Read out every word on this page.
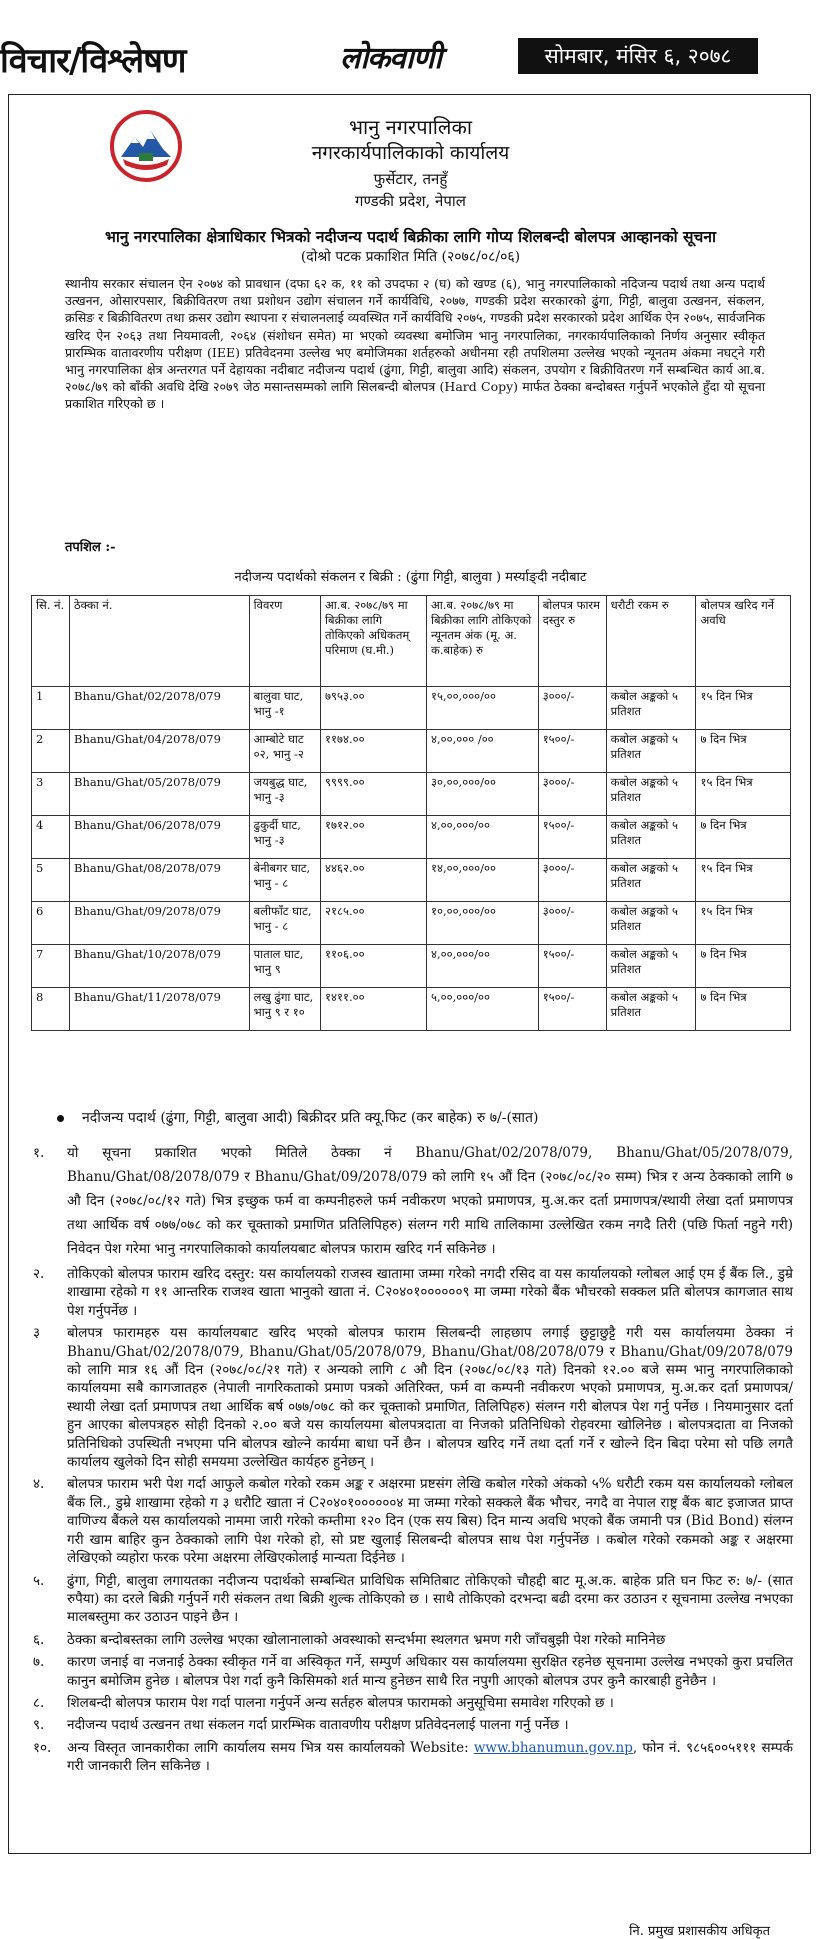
विचार/विश्लेषण	लोकवाणी	सोमबार, मंसिर ६, २०७८
भानु नगरपालिका
नगरकार्यपालिकाको कार्यालय
फुर्सेटार, तनहुँ
गण्डकी प्रदेश, नेपाल
भानु नगरपालिका क्षेत्राधिकार भित्रको नदीजन्य पदार्थ बिक्रीका लागि गोप्य शिलबन्दी बोलपत्र आव्हानको सूचना
(दोश्रो पटक प्रकाशित मिति (२०७८/०८/०६)
स्थानीय सरकार संचालन ऐन २०७४ को प्रावधान (दफा ६२ क, ११ को उपदफा २ (घ) को खण्ड (६), भानु नगरपालिकाको नदिजन्य पदार्थ तथा अन्य पदार्थ उत्खनन, ओसारपसार, बिक्रीवितरण तथा प्रशोधन उद्योग संचालन गर्ने कार्यविधि, २०७७, गण्डकी प्रदेश सरकारको ढुंगा, गिट्टी, बालुवा उत्खनन, संकलन, क्रसिङ र बिक्रीवितरण तथा क्रसर उद्योग स्थापना र संचालनलाई व्यवस्थित गर्ने कार्यविधि २०७५, गण्डकी प्रदेश सरकारको प्रदेश आर्थिक ऐन २०७५, सार्वजनिक खरिद ऐन २०६३ तथा नियमावली, २०६४ (संशोधन समेत) मा भएको व्यवस्था बमोजिम भानु नगरपालिका, नगरकार्यपालिकाको निर्णय अनुसार स्वीकृत प्रारम्भिक वातावरणीय परीक्षण (IEE) प्रतिवेदनमा उल्लेख भए बमोजिमका शर्तहरुको अधीनमा रही तपशिलमा उल्लेख भएको न्यूनतम अंकमा नघट्ने गरी भानु नगरपालिका क्षेत्र अन्तरगत पर्ने देहायका नदीबाट नदीजन्य पदार्थ (ढुंगा, गिट्टी, बालुवा आदि) संकलन, उपयोग र बिक्रीवितरण गर्ने सम्बन्धित कार्य आ.ब. २०७८/७९ को बाँकी अवधि देखि २०७९ जेठ मसान्तसम्मको लागि सिलबन्दी बोलपत्र (Hard Copy) मार्फत ठेक्का बन्दोबस्त गर्नुपर्ने भएकोले हुँदा यो सूचना प्रकाशित गरिएको छ ।
तपशिल :-
नदीजन्य पदार्थको संकलन र बिक्री : (ढुंगा गिट्टी, बालुवा ) मर्स्याङ्दी नदीबाट
सि. नं.	ठेक्का नं.	विवरण	आ.ब. २०७८/७९ मा बिक्रीका लागि तोकिएको अधिकतम् परिमाण (घ.मी.)	आ.ब. २०७८/७९ मा बिक्रीका लागि तोकिएको न्यूनतम अंक (मू. अ. क.बाहेक) रु	बोलपत्र फारम दस्तुर रु	धरौटी रकम रु	बोलपत्र खरिद गर्ने अवधि
1	Bhanu/Ghat/02/2078/079	बालुवा घाट, भानु -१	७९५३.००	१५,००,०००/००	३०००/-	कबोल अङ्कको ५ प्रतिशत	१५ दिन भित्र
2	Bhanu/Ghat/04/2078/079	आम्बोटे घाट ०२, भानु -२	११७४.००	४,००,००० /००	१५००/-	कबोल अङ्कको ५ प्रतिशत	७ दिन भित्र
3	Bhanu/Ghat/05/2078/079	जयबुद्ध घाट, भानु -३	९९९९.००	३०,००,०००/००	३०००/-	कबोल अङ्कको ५ प्रतिशत	१५ दिन भित्र
4	Bhanu/Ghat/06/2078/079	ढुकुर्दी घाट, भानु -३	१७१२.००	४,००,०००/००	१५००/-	कबोल अङ्कको ५ प्रतिशत	७ दिन भित्र
5	Bhanu/Ghat/08/2078/079	बेनीबगर घाट, भानु - ८	४४६२.००	१४,००,०००/००	३०००/-	कबोल अङ्कको ५ प्रतिशत	१५ दिन भित्र
6	Bhanu/Ghat/09/2078/079	बलीफाँट घाट, भानु - ८	२१८५.००	१०,००,०००/००	३०००/-	कबोल अङ्कको ५ प्रतिशत	१५ दिन भित्र
7	Bhanu/Ghat/10/2078/079	पाताल घाट, भानु ९	११०६.००	४,००,०००/००	१५००/-	कबोल अङ्कको ५ प्रतिशत	७ दिन भित्र
8	Bhanu/Ghat/11/2078/079	लखु ढुंगा घाट, भानु ९ र १०	१४११.००	५,००,०००/००	१५००/-	कबोल अङ्कको ५ प्रतिशत	७ दिन भित्र
नदीजन्य पदार्थ (ढुंगा, गिट्टी, बालुवा आदी) बिक्रीदर प्रति क्यू.फिट (कर बाहेक) रु ७/-(सात)
१. यो सूचना प्रकाशित भएको मितिले ठेक्का नं Bhanu/Ghat/02/2078/079, Bhanu/Ghat/05/2078/079, Bhanu/Ghat/08/2078/079 र Bhanu/Ghat/09/2078/079 को लागि १५ औं दिन (२०७८/०८/२० सम्म) भित्र र अन्य ठेक्काको लागि ७ औ दिन (२०७८/०८/१२ गते) भित्र इच्छुक फर्म वा कम्पनीहरुले फर्म नवीकरण भएको प्रमाणपत्र, मु.अ.कर दर्ता प्रमाणपत्र/स्थायी लेखा दर्ता प्रमाणपत्र तथा आर्थिक वर्ष ०७७/०७८ को कर चूक्ताको प्रमाणित प्रतिलिपिहरु) संलग्न गरी माथि तालिकामा उल्लेखित रकम नगदै तिरी (पछि फिर्ता नहुने गरी) निवेदन पेश गरेमा भानु नगरपालिकाको कार्यालयबाट बोलपत्र फाराम खरिद गर्न सकिनेछ ।
२. तोकिएको बोलपत्र फाराम खरिद दस्तुर: यस कार्यालयको राजस्व खातामा जम्मा गरेको नगदी रसिद वा यस कार्यालयको ग्लोबल आई एम ई बैंक लि., डुम्रे शाखामा रहेको ग ११ आन्तरिक राजश्व खाता भानुको खाता नं. C२०४०१००००००९ मा जम्मा गरेको बैंक भौचरको सक्कल प्रति बोलपत्र कागजात साथ पेश गर्नुपर्नेछ ।
३ बोलपत्र फारामहरु यस कार्यालयबाट खरिद भएको बोलपत्र फाराम सिलबन्दी लाहछाप लगाई छुट्टाछुट्टै गरी यस कार्यालयमा ठेक्का नं Bhanu/Ghat/02/2078/079, Bhanu/Ghat/05/2078/079, Bhanu/Ghat/08/2078/079 र Bhanu/Ghat/09/2078/079 को लागि मात्र १६ औं दिन (२०७८/०८/२१ गते) र अन्यको लागि ८ औ दिन (२०७८/०८/१३ गते) दिनको १२.०० बजे सम्म भानु नगरपालिकाको कार्यालयमा सबै कागजातहरु (नेपाली नागरिकताको प्रमाण पत्रको अतिरिक्त, फर्म वा कम्पनी नवीकरण भएको प्रमाणपत्र, मु.अ.कर दर्ता प्रमाणपत्र/स्थायी लेखा दर्ता प्रमाणपत्र तथा आर्थिक बर्ष ०७७/०७८ को कर चूक्ताको प्रमाणित, तिलिपिहरु) संलग्न गरी बोलपत्र पेश गर्नु पर्नेछ । नियमानुसार दर्ता हुन आएका बोलपत्रहरु सोही दिनको २.०० बजे यस कार्यालयमा बोलपत्रदाता वा निजको प्रतिनिधिको रोहवरमा खोलिनेछ । बोलपत्रदाता वा निजको प्रतिनिधिको उपस्थिती नभएमा पनि बोलपत्र खोल्ने कार्यमा बाधा पर्ने छैन । बोलपत्र खरिद गर्ने तथा दर्ता गर्ने र खोल्ने दिन बिदा परेमा सो पछि लगतै कार्यालय खुलेको दिन सोही समयमा उल्लेखित कार्यहरु हुनेछन् ।
४. बोलपत्र फाराम भरी पेश गर्दा आफुले कबोल गरेको रकम अङ्क र अक्षरमा प्रष्टसंग लेखि कबोल गरेको अंकको ५% धरौटी रकम यस कार्यालयको ग्लोबल बैंक लि., डुम्रे शाखामा रहेको ग ३ धरौटि खाता नं C२०४०१००००००४ मा जम्मा गरेको सक्कले बैंक भौचर, नगदै वा नेपाल राष्ट्र बैंक बाट इजाजत प्राप्त वाणिज्य बैंकले यस कार्यालयको नाममा जारी गरेको कम्तीमा १२० दिन (एक सय बिस) दिन मान्य अवधि भएको बैंक जमानी पत्र (Bid Bond) संलग्न गरी खाम बाहिर कुन ठेक्काको लागि पेश गरेको हो, सो प्रष्ट खुलाई सिलबन्दी बोलपत्र साथ पेश गर्नुपर्नेछ । कबोल गरेको रकमको अङ्क र अक्षरमा लेखिएको व्यहोरा फरक परेमा अक्षरमा लेखिएकोलाई मान्यता दिईनेछ ।
५. ढुंगा, गिट्टी, बालुवा लगायतका नदीजन्य पदार्थको सम्बन्धित प्राविधिक समितिबाट तोकिएको चौहद्दी बाट मू.अ.क. बाहेक प्रति घन फिट रु: ७/- (सात रुपैया) का दरले बिक्री गर्नुपर्ने गरी संकलन तथा बिक्री शुल्क तोकिएको छ । साथै तोकिएको दरभन्दा बढी दरमा कर उठाउन र सूचनामा उल्लेख नभएका मालबस्तुमा कर उठाउन पाइने छैन ।
६. ठेक्का बन्दोबस्तका लागि उल्लेख भएका खोलानालाको अवस्थाको सन्दर्भमा स्थलगत भ्रमण गरी जाँचबुझी पेश गरेको मानिनेछ
७. कारण जनाई वा नजनाई ठेक्का स्वीकृत गर्ने वा अस्विकृत गर्ने, सम्पुर्ण अधिकार यस कार्यालयमा सुरक्षित रहनेछ सूचनामा उल्लेख नभएको कुरा प्रचलित कानुन बमोजिम हुनेछ । बोलपत्र पेश गर्दा कुनै किसिमको शर्त मान्य हुनेछन साथै रित नपुगी आएको बोलपत्र उपर कुनै कारबाही हुनेछैन ।
८. शिलबन्दी बोलपत्र फाराम पेश गर्दा पालना गर्नुपर्ने अन्य सर्तहरु बोलपत्र फारामको अनुसूचिमा समावेश गरिएको छ ।
९. नदीजन्य पदार्थ उत्खनन तथा संकलन गर्दा प्रारम्भिक वातावणीय परीक्षण प्रतिवेदनलाई पालना गर्नु पर्नेछ ।
१०. अन्य विस्तृत जानकारीका लागि कार्यालय समय भित्र यस कार्यालयको Website: www.bhanumun.gov.np, फोन नं. ९८५६००५१११ सम्पर्क गरी जानकारी लिन सकिनेछ ।
नि. प्रमुख प्रशासकीय अधिकृत
